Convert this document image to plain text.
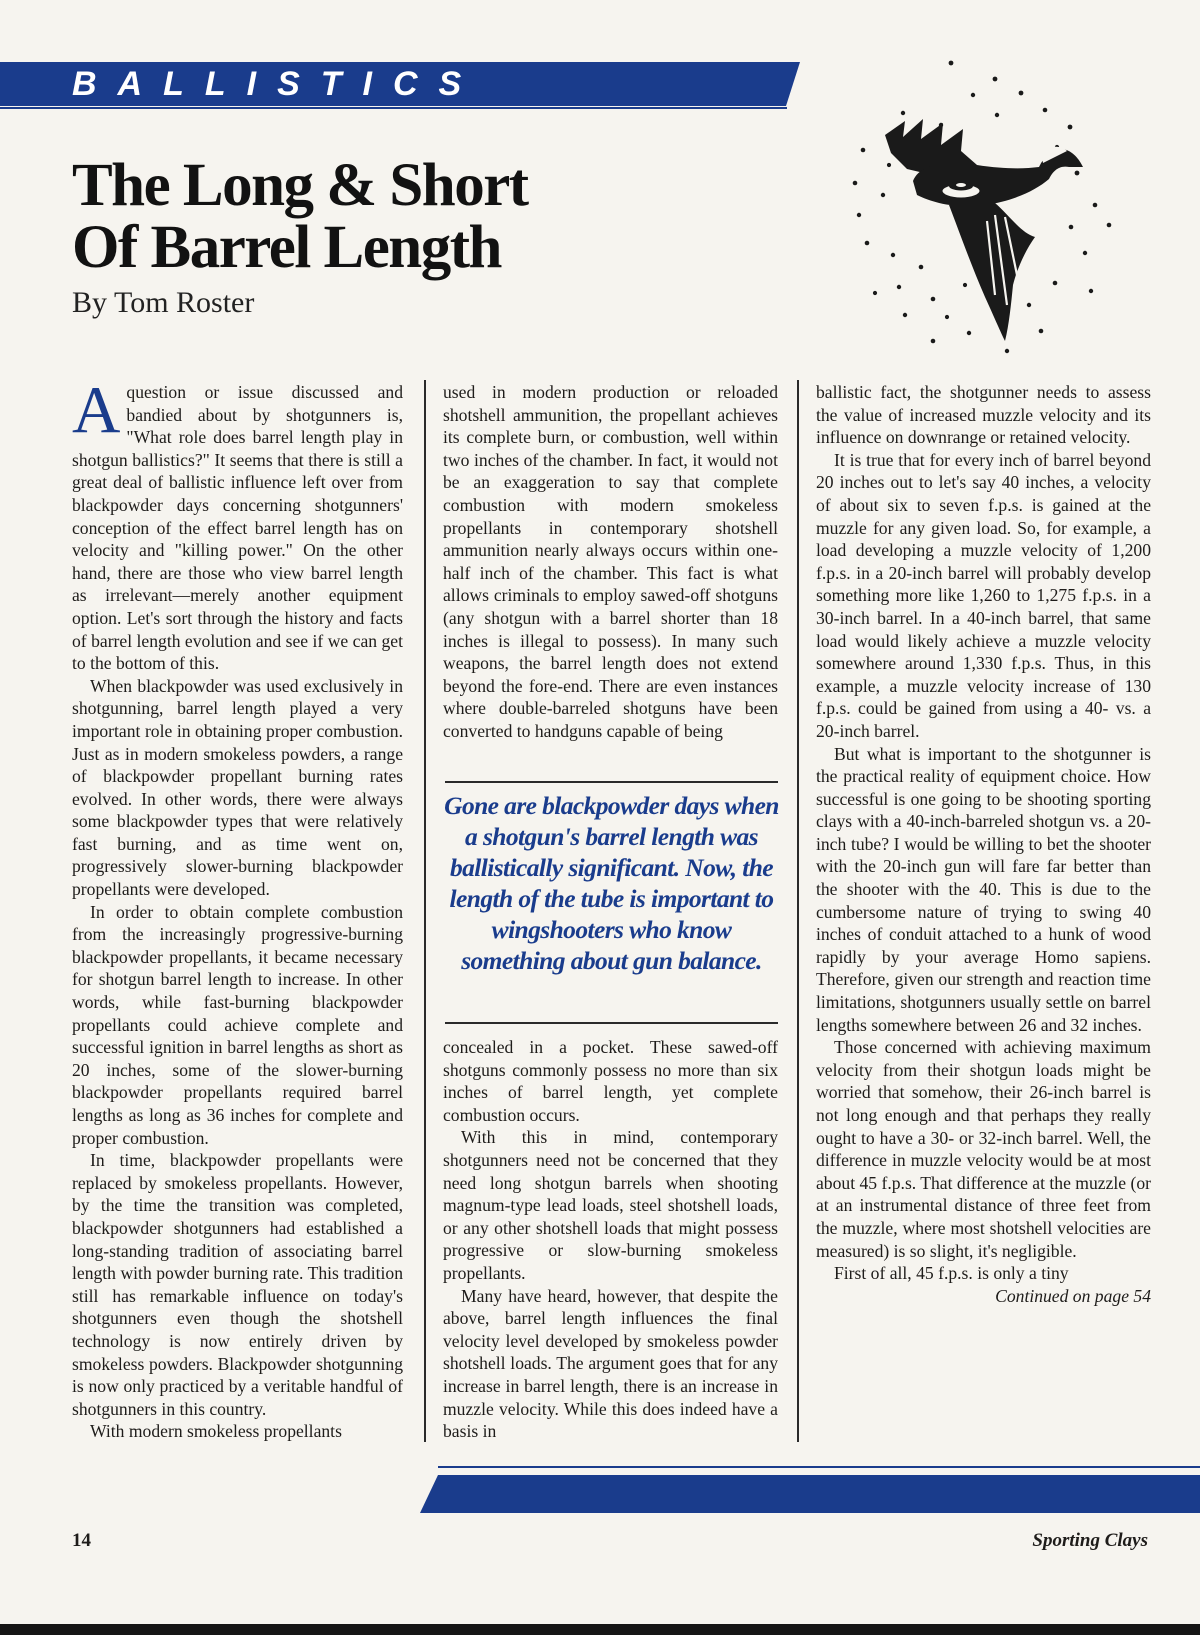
BALLISTICS

The Long & Short
Of Barrel Length

By Tom Roster

Aquestion or issue discussed and bandied about by shotgunners is, "What role does barrel length play in shotgun ballistics?" It seems that there is still a great deal of ballistic influence left over from blackpowder days concerning shotgunners' conception of the effect barrel length has on velocity and "killing power." On the other hand, there are those who view barrel length as irrelevant—merely another equipment option. Let's sort through the history and facts of barrel length evolution and see if we can get to the bottom of this.

When blackpowder was used exclusively in shotgunning, barrel length played a very important role in obtaining proper combustion. Just as in modern smokeless powders, a range of blackpowder propellant burning rates evolved. In other words, there were always some blackpowder types that were relatively fast burning, and as time went on, progressively slower-burning blackpowder propellants were developed.

In order to obtain complete combustion from the increasingly progressive-burning blackpowder propellants, it became necessary for shotgun barrel length to increase. In other words, while fast-burning blackpowder propellants could achieve complete and successful ignition in barrel lengths as short as 20 inches, some of the slower-burning blackpowder propellants required barrel lengths as long as 36 inches for complete and proper combustion.

In time, blackpowder propellants were replaced by smokeless propellants. However, by the time the transition was completed, blackpowder shotgunners had established a long-standing tradition of associating barrel length with powder burning rate. This tradition still has remarkable influence on today's shotgunners even though the shotshell technology is now entirely driven by smokeless powders. Blackpowder shotgunning is now only practiced by a veritable handful of shotgunners in this country.

With modern smokeless propellants

used in modern production or reloaded shotshell ammunition, the propellant achieves its complete burn, or combustion, well within two inches of the chamber. In fact, it would not be an exaggeration to say that complete combustion with modern smokeless propellants in contemporary shotshell ammunition nearly always occurs within one-half inch of the chamber. This fact is what allows criminals to employ sawed-off shotguns (any shotgun with a barrel shorter than 18 inches is illegal to possess). In many such weapons, the barrel length does not extend beyond the fore-end. There are even instances where double-barreled shotguns have been converted to handguns capable of being

Gone are blackpowder days when a shotgun's barrel length was ballistically significant. Now, the length of the tube is important to wingshooters who know something about gun balance.

concealed in a pocket. These sawed-off shotguns commonly possess no more than six inches of barrel length, yet complete combustion occurs.

With this in mind, contemporary shotgunners need not be concerned that they need long shotgun barrels when shooting magnum-type lead loads, steel shotshell loads, or any other shotshell loads that might possess progressive or slow-burning smokeless propellants.

Many have heard, however, that despite the above, barrel length influences the final velocity level developed by smokeless powder shotshell loads. The argument goes that for any increase in barrel length, there is an increase in muzzle velocity. While this does indeed have a basis in

ballistic fact, the shotgunner needs to assess the value of increased muzzle velocity and its influence on downrange or retained velocity.

It is true that for every inch of barrel beyond 20 inches out to let's say 40 inches, a velocity of about six to seven f.p.s. is gained at the muzzle for any given load. So, for example, a load developing a muzzle velocity of 1,200 f.p.s. in a 20-inch barrel will probably develop something more like 1,260 to 1,275 f.p.s. in a 30-inch barrel. In a 40-inch barrel, that same load would likely achieve a muzzle velocity somewhere around 1,330 f.p.s. Thus, in this example, a muzzle velocity increase of 130 f.p.s. could be gained from using a 40- vs. a 20-inch barrel.

But what is important to the shotgunner is the practical reality of equipment choice. How successful is one going to be shooting sporting clays with a 40-inch-barreled shotgun vs. a 20-inch tube? I would be willing to bet the shooter with the 20-inch gun will fare far better than the shooter with the 40. This is due to the cumbersome nature of trying to swing 40 inches of conduit attached to a hunk of wood rapidly by your average Homo sapiens. Therefore, given our strength and reaction time limitations, shotgunners usually settle on barrel lengths somewhere between 26 and 32 inches.

Those concerned with achieving maximum velocity from their shotgun loads might be worried that somehow, their 26-inch barrel is not long enough and that perhaps they really ought to have a 30- or 32-inch barrel. Well, the difference in muzzle velocity would be at most about 45 f.p.s. That difference at the muzzle (or at an instrumental distance of three feet from the muzzle, where most shotshell velocities are measured) is so slight, it's negligible.

First of all, 45 f.p.s. is only a tiny

Continued on page 54

14	Sporting Clays
